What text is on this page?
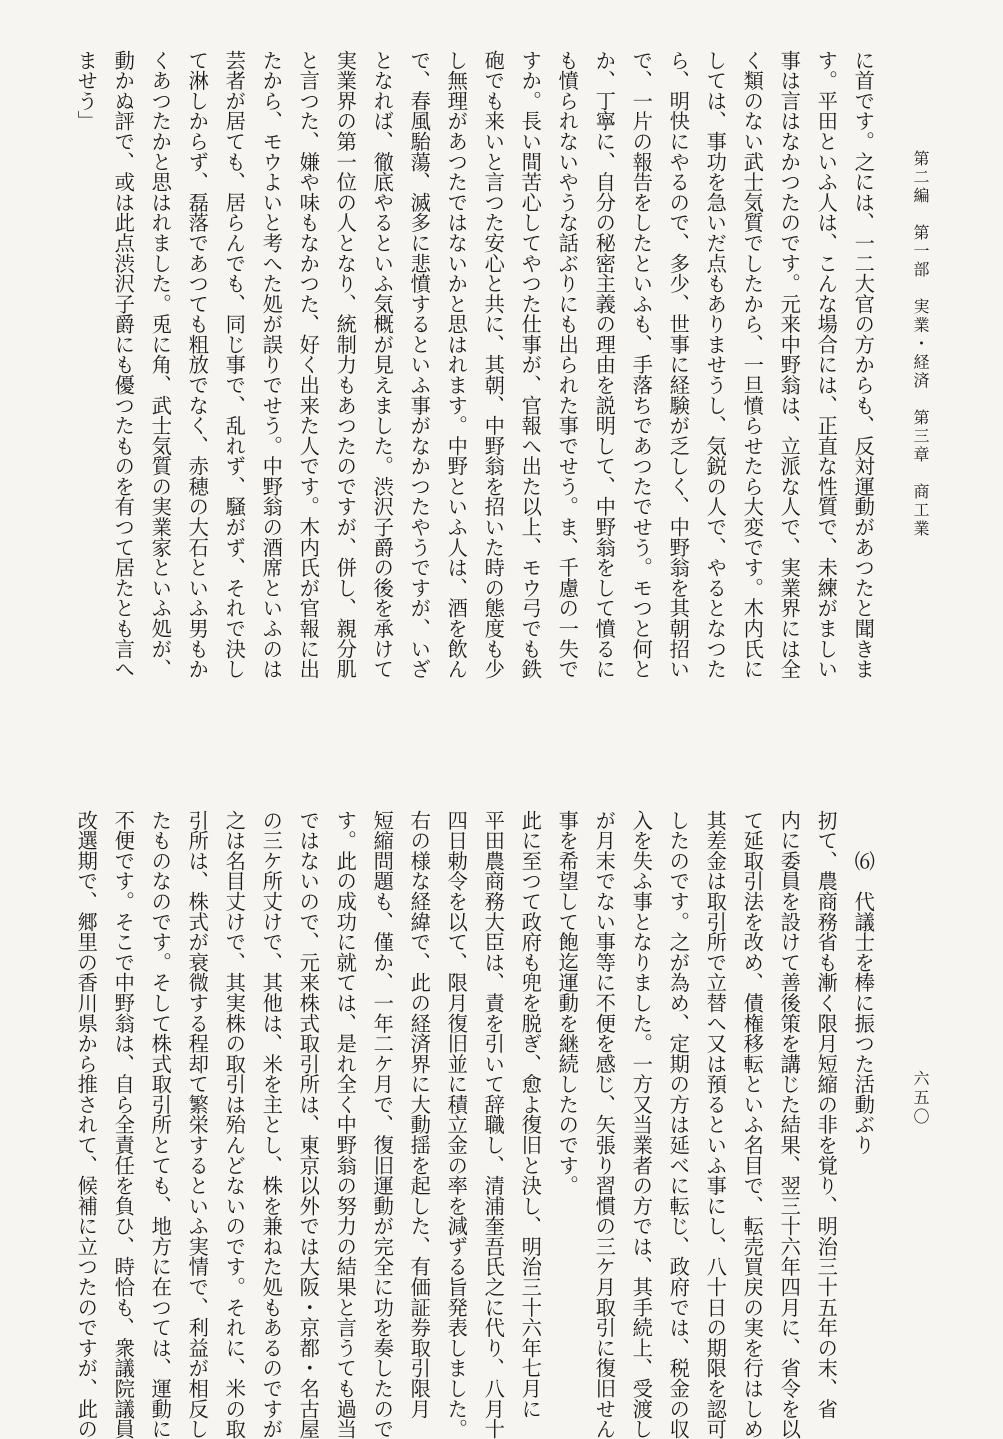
第二編　第一部　実業・経済　第三章　商工業
六五〇
に首です。之には、一二大官の方からも、反対運動があつたと聞きま
す。平田といふ人は、こんな場合には、正直な性質で、未練がましい
事は言はなかつたのです。元来中野翁は、立派な人で、実業界には全
く類のない武士気質でしたから、一旦憤らせたら大変です。木内氏に
しては、事功を急いだ点もありませうし、気鋭の人で、やるとなつた
ら、明快にやるので、多少、世事に経験が乏しく、中野翁を其朝招い
で、一片の報告をしたといふも、手落ちであつたでせう。モつと何と
か、丁寧に、自分の秘密主義の理由を説明して、中野翁をして憤るに
も憤られないやうな話ぶりにも出られた事でせう。ま、千慮の一失で
すか。長い間苦心してやつた仕事が、官報へ出た以上、モウ弓でも鉄
砲でも来いと言つた安心と共に、其朝、中野翁を招いた時の態度も少
し無理があつたではないかと思はれます。中野といふ人は、酒を飲ん
で、春風駘蕩、滅多に悲憤するといふ事がなかつたやうですが、いざ
となれば、徹底やるといふ気概が見えました。渋沢子爵の後を承けて
実業界の第一位の人となり、統制力もあつたのですが、併し、親分肌
と言つた、嫌や味もなかつた、好く出来た人です。木内氏が官報に出
たから、モウよいと考へた処が誤りでせう。中野翁の酒席といふのは
芸者が居ても、居らんでも、同じ事で、乱れず、騒がず、それで決し
て淋しからず、磊落であつても粗放でなく、赤穂の大石といふ男もか
くあつたかと思はれました。兎に角、武士気質の実業家といふ処が、
動かぬ評で、或は此点渋沢子爵にも優つたものを有つて居たとも言へ
ませう」
　　⑹　代議士を棒に振つた活動ぶり
扨て、農商務省も漸く限月短縮の非を覚り、明治三十五年の末、省
内に委員を設けて善後策を講じた結果、翌三十六年四月に、省令を以
て延取引法を改め、債権移転といふ名目で、転売買戻の実を行はしめ
其差金は取引所で立替へ又は預るといふ事にし、八十日の期限を認可
したのです。之が為め、定期の方は延べに転じ、政府では、税金の収
入を失ふ事となりました。一方又当業者の方では、其手続上、受渡し
が月末でない事等に不便を感じ、矢張り習慣の三ケ月取引に復旧せん
事を希望して飽迄運動を継続したのです。
此に至つて政府も兜を脱ぎ、愈よ復旧と決し、明治三十六年七月に
平田農商務大臣は、責を引いて辞職し、清浦奎吾氏之に代り、八月十
四日勅令を以て、限月復旧並に積立金の率を減ずる旨発表しました。
右の様な経緯で、此の経済界に大動揺を起した、有価証券取引限月
短縮問題も、僅か、一年二ケ月で、復旧運動が完全に功を奏したので
す。此の成功に就ては、是れ全く中野翁の努力の結果と言うても過当
ではないので、元来株式取引所は、東京以外では大阪・京都・名古屋
の三ケ所丈けで、其他は、米を主とし、株を兼ねた処もあるのですが
之は名目丈けで、其実株の取引は殆んどないのです。それに、米の取
引所は、株式が衰微する程却て繁栄するといふ実情で、利益が相反し
たものなのです。そして株式取引所とても、地方に在つては、運動に
不便です。そこで中野翁は、自ら全責任を負ひ、時恰も、衆議院議員
改選期で、郷里の香川県から推されて、候補に立つたのですが、此の
